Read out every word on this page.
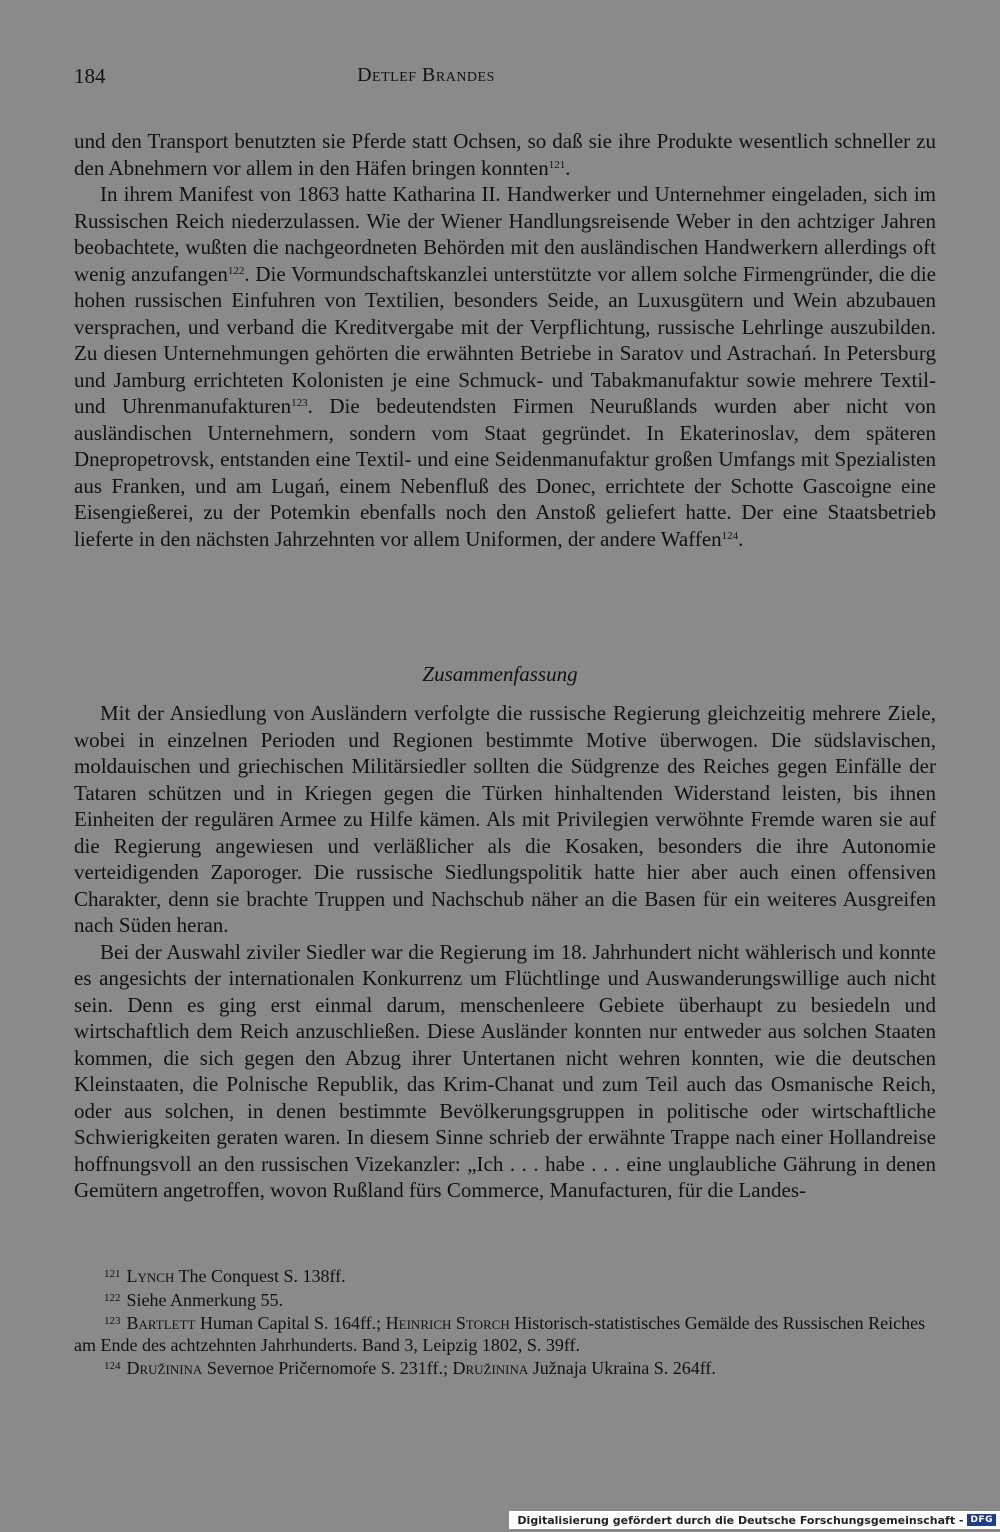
184	Detlef Brandes

und den Transport benutzten sie Pferde statt Ochsen, so daß sie ihre Produkte wesentlich schneller zu den Abnehmern vor allem in den Häfen bringen konnten$^{121}$.

In ihrem Manifest von 1863 hatte Katharina II. Handwerker und Unternehmer eingeladen, sich im Russischen Reich niederzulassen. Wie der Wiener Handlungsreisende Weber in den achtziger Jahren beobachtete, wußten die nachgeordneten Behörden mit den ausländischen Handwerkern allerdings oft wenig anzufangen$^{122}$. Die Vormundschaftskanzlei unterstützte vor allem solche Firmengründer, die die hohen russischen Einfuhren von Textilien, besonders Seide, an Luxusgütern und Wein abzubauen versprachen, und verband die Kreditvergabe mit der Verpflichtung, russische Lehrlinge auszubilden. Zu diesen Unternehmungen gehörten die erwähnten Betriebe in Saratov und Astrachań. In Petersburg und Jamburg errichteten Kolonisten je eine Schmuck- und Tabakmanufaktur sowie mehrere Textil- und Uhrenmanufakturen$^{123}$. Die bedeutendsten Firmen Neurußlands wurden aber nicht von ausländischen Unternehmern, sondern vom Staat gegründet. In Ekaterinoslav, dem späteren Dnepropetrovsk, entstanden eine Textil- und eine Seidenmanufaktur großen Umfangs mit Spezialisten aus Franken, und am Lugań, einem Nebenfluß des Donec, errichtete der Schotte Gascoigne eine Eisengießerei, zu der Potemkin ebenfalls noch den Anstoß geliefert hatte. Der eine Staatsbetrieb lieferte in den nächsten Jahrzehnten vor allem Uniformen, der andere Waffen$^{124}$.

Zusammenfassung

Mit der Ansiedlung von Ausländern verfolgte die russische Regierung gleichzeitig mehrere Ziele, wobei in einzelnen Perioden und Regionen bestimmte Motive überwogen. Die südslavischen, moldauischen und griechischen Militärsiedler sollten die Südgrenze des Reiches gegen Einfälle der Tataren schützen und in Kriegen gegen die Türken hinhaltenden Widerstand leisten, bis ihnen Einheiten der regulären Armee zu Hilfe kämen. Als mit Privilegien verwöhnte Fremde waren sie auf die Regierung angewiesen und verläßlicher als die Kosaken, besonders die ihre Autonomie verteidigenden Zaporoger. Die russische Siedlungspolitik hatte hier aber auch einen offensiven Charakter, denn sie brachte Truppen und Nachschub näher an die Basen für ein weiteres Ausgreifen nach Süden heran.

Bei der Auswahl ziviler Siedler war die Regierung im 18. Jahrhundert nicht wählerisch und konnte es angesichts der internationalen Konkurrenz um Flüchtlinge und Auswanderungswillige auch nicht sein. Denn es ging erst einmal darum, menschenleere Gebiete überhaupt zu besiedeln und wirtschaftlich dem Reich anzuschließen. Diese Ausländer konnten nur entweder aus solchen Staaten kommen, die sich gegen den Abzug ihrer Untertanen nicht wehren konnten, wie die deutschen Kleinstaaten, die Polnische Republik, das Krim-Chanat und zum Teil auch das Osmanische Reich, oder aus solchen, in denen bestimmte Bevölkerungsgruppen in politische oder wirtschaftliche Schwierigkeiten geraten waren. In diesem Sinne schrieb der erwähnte Trappe nach einer Hollandreise hoffnungsvoll an den russischen Vizekanzler: „Ich . . . habe . . . eine unglaubliche Gährung in denen Gemütern angetroffen, wovon Rußland fürs Commerce, Manufacturen, für die Landes-

$^{121}$ Lynch The Conquest S. 138ff.

$^{122}$ Siehe Anmerkung 55.

$^{123}$ Bartlett Human Capital S. 164ff.; Heinrich Storch Historisch-statistisches Gemälde des Russischen Reiches am Ende des achtzehnten Jahrhunderts. Band 3, Leipzig 1802, S. 39ff.

$^{124}$ Družinina Severnoe Pričernomoŕe S. 231ff.; Družinina Južnaja Ukraina S. 264ff.

Digitalisierung gefördert durch die Deutsche Forschungsgemeinschaft - DFG
